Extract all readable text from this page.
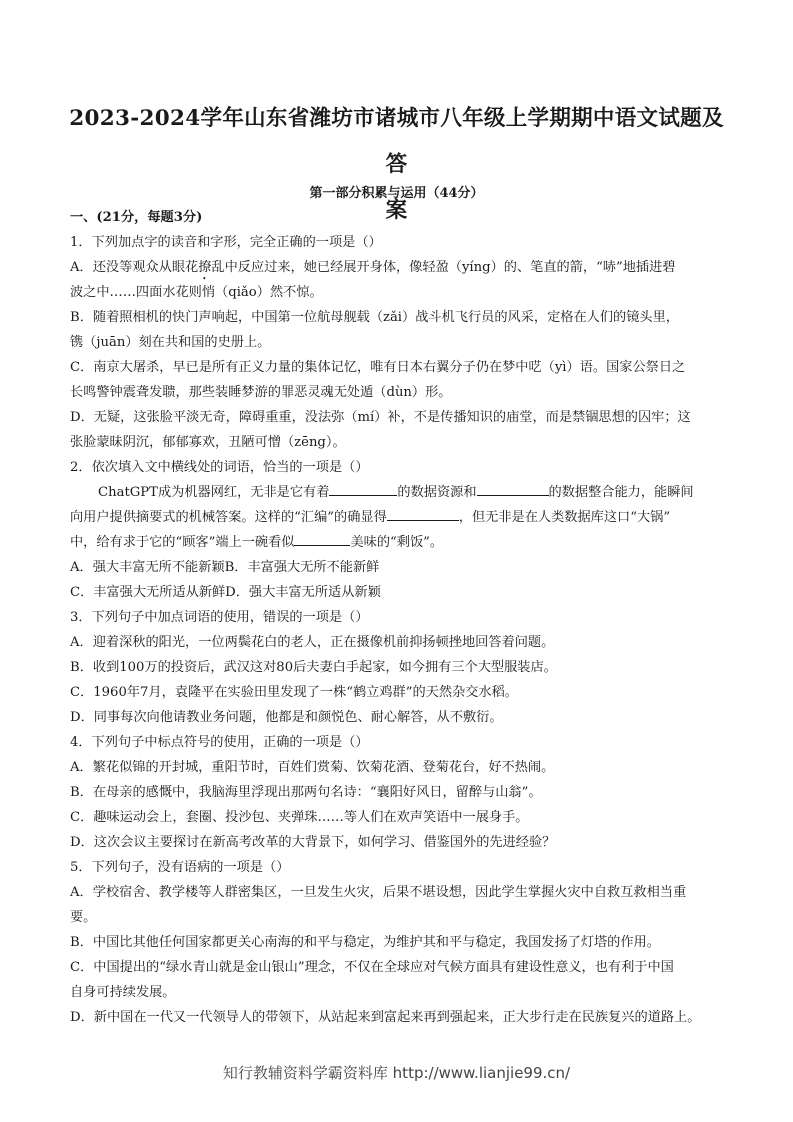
2023-2024学年山东省潍坊市诸城市八年级上学期期中语文试题及答
案
第一部分积累与运用（44分）
一、(21分，每题3分)
1．下列加点字的读音和字形，完全正确的一项是（）
A．还没等观众从眼花撩乱中反应过来，她已经展开身体，像轻盈（yíng）的、笔直的箭，“哧”地插进碧
波之中……四面水花则悄（qiǎo）然不惊。
B．随着照相机的快门声响起，中国第一位航母舰载（zǎi）战斗机飞行员的风采，定格在人们的镜头里，
镌（juān）刻在共和国的史册上。
C．南京大屠杀，早已是所有正义力量的集体记忆，唯有日本右翼分子仍在梦中呓（yì）语。国家公祭日之
长鸣警钟震聋发聩，那些装睡梦游的罪恶灵魂无处遁（dùn）形。
D．无疑，这张脸平淡无奇，障碍重重，没法弥（mí）补，不是传播知识的庙堂，而是禁锢思想的囚牢；这
张脸蒙昧阴沉，郁郁寡欢，丑陋可憎（zēng）。
2．依次填入文中横线处的词语，恰当的一项是（）
ChatGPT成为机器网红，无非是它有着	的数据资源和	的数据整合能力，能瞬间
向用户提供摘要式的机械答案。这样的“汇编”的确显得	，但无非是在人类数据库这口“大锅”
中，给有求于它的“顾客”端上一碗看似	美味的“剩饭”。
A．强大丰富无所不能新颖B．丰富强大无所不能新鲜
C．丰富强大无所适从新鲜D．强大丰富无所适从新颖
3．下列句子中加点词语的使用，错误的一项是（）
A．迎着深秋的阳光，一位两鬓花白的老人，正在摄像机前抑扬顿挫地回答着问题。
B．收到100万的投资后，武汉这对80后夫妻白手起家，如今拥有三个大型服装店。
C．1960年7月，袁隆平在实验田里发现了一株“鹤立鸡群”的天然杂交水稻。
D．同事每次向他请教业务问题，他都是和颜悦色、耐心解答，从不敷衍。
4．下列句子中标点符号的使用，正确的一项是（）
A．繁花似锦的开封城，重阳节时，百姓们赏菊、饮菊花酒、登菊花台，好不热闹。
B．在母亲的感慨中，我脑海里浮现出那两句名诗：“襄阳好风日，留醉与山翁”。
C．趣味运动会上，套圈、投沙包、夹弹珠……等人们在欢声笑语中一展身手。
D．这次会议主要探讨在新高考改革的大背景下，如何学习、借鉴国外的先进经验？
5．下列句子，没有语病的一项是（）
A．学校宿舍、教学楼等人群密集区，一旦发生火灾，后果不堪设想，因此学生掌握火灾中自救互救相当重
要。
B．中国比其他任何国家都更关心南海的和平与稳定，为维护其和平与稳定，我国发扬了灯塔的作用。
C．中国提出的“绿水青山就是金山银山”理念，不仅在全球应对气候方面具有建设性意义，也有利于中国
自身可持续发展。
D．新中国在一代又一代领导人的带领下，从站起来到富起来再到强起来，正大步行走在民族复兴的道路上。
知行教辅资料学霸资料库 http://www.lianjie99.cn/
